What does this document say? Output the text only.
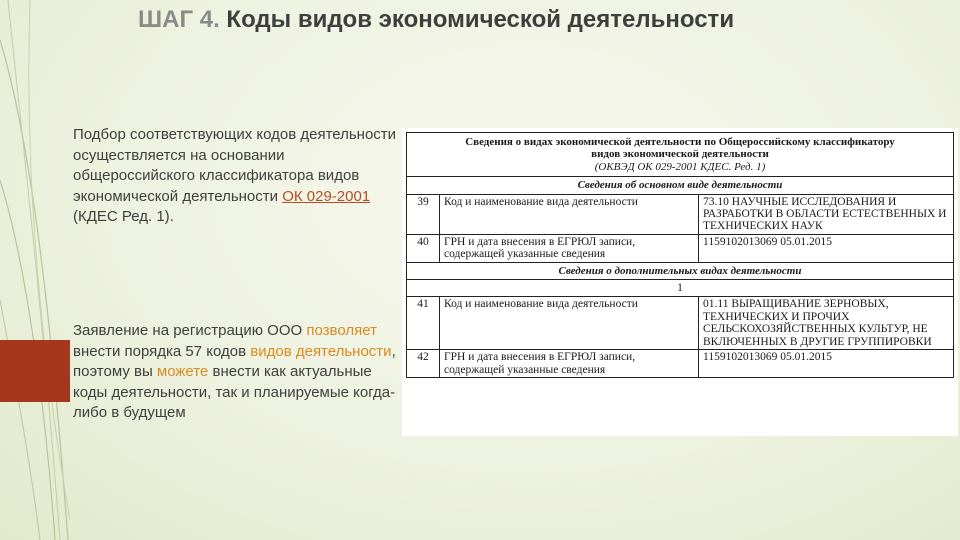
ШАГ 4. Коды видов экономической деятельности
Подбор соответствующих кодов деятельности осуществляется на основании общероссийского классификатора видов экономической деятельности ОК 029-2001 (КДЕС Ред. 1).
Заявление на регистрацию ООО позволяет внести порядка 57 кодов видов деятельности, поэтому вы можете внести как актуальные коды деятельности, так и планируемые когда-либо в будущем
Сведения о видах экономической деятельности по Общероссийскому классификатору
видов экономической деятельности
(ОКВЭД ОК 029-2001 КДЕС. Ред. 1)		

Сведения об основном виде деятельности		
39	Код и наименование вида деятельности	73.10 НАУЧНЫЕ ИССЛЕДОВАНИЯ И РАЗРАБОТКИ В ОБЛАСТИ ЕСТЕСТВЕННЫХ И ТЕХНИЧЕСКИХ НАУК
40	ГРН и дата внесения в ЕГРЮЛ записи, содержащей указанные сведения	1159102013069 05.01.2015
Сведения о дополнительных видах деятельности		
1		
41	Код и наименование вида деятельности	01.11 ВЫРАЩИВАНИЕ ЗЕРНОВЫХ, ТЕХНИЧЕСКИХ И ПРОЧИХ СЕЛЬСКОХОЗЯЙСТВЕННЫХ КУЛЬТУР, НЕ ВКЛЮЧЕННЫХ В ДРУГИЕ ГРУППИРОВКИ
42	ГРН и дата внесения в ЕГРЮЛ записи, содержащей указанные сведения	1159102013069 05.01.2015
